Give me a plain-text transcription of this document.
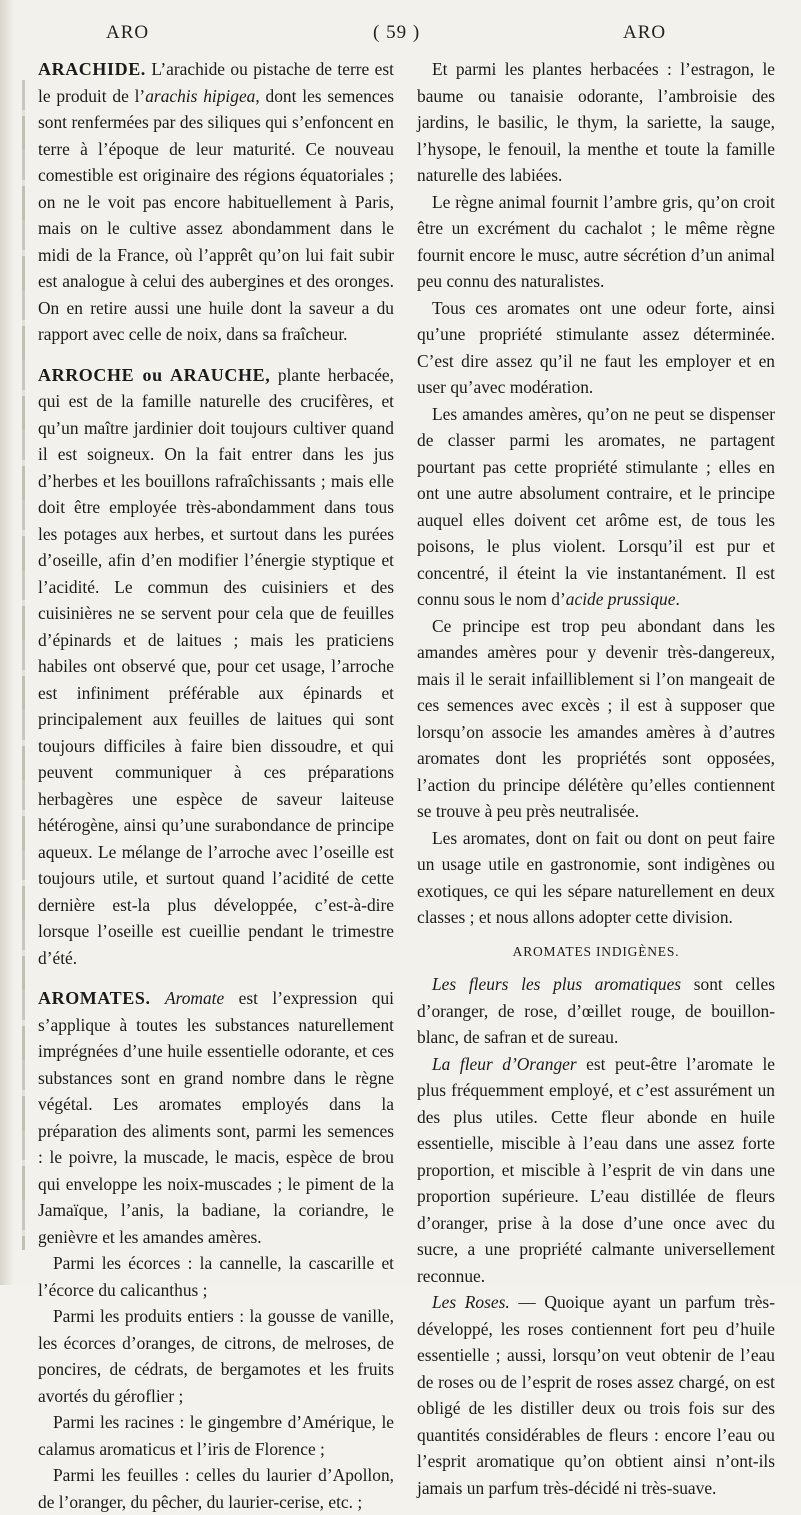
ARO	( 59 )	ARO

ARACHIDE. L’arachide ou pistache de terre est le produit de l’arachis hipigea, dont les semences sont renfermées par des siliques qui s’enfoncent en terre à l’époque de leur maturité. Ce nouveau comestible est originaire des régions équatoriales ; on ne le voit pas encore habituellement à Paris, mais on le cultive assez abondamment dans le midi de la France, où l’apprêt qu’on lui fait subir est analogue à celui des aubergines et des oronges. On en retire aussi une huile dont la saveur a du rapport avec celle de noix, dans sa fraîcheur.

ARROCHE ou ARAUCHE, plante herbacée, qui est de la famille naturelle des crucifères, et qu’un maître jardinier doit toujours cultiver quand il est soigneux. On la fait entrer dans les jus d’herbes et les bouillons rafraîchissants ; mais elle doit être employée très-abondamment dans tous les potages aux herbes, et surtout dans les purées d’oseille, afin d’en modifier l’énergie styptique et l’acidité. Le commun des cuisiniers et des cuisinières ne se servent pour cela que de feuilles d’épinards et de laitues ; mais les praticiens habiles ont observé que, pour cet usage, l’arroche est infiniment préférable aux épinards et principalement aux feuilles de laitues qui sont toujours difficiles à faire bien dissoudre, et qui peuvent communiquer à ces préparations herbagères une espèce de saveur laiteuse hétérogène, ainsi qu’une surabondance de principe aqueux. Le mélange de l’arroche avec l’oseille est toujours utile, et surtout quand l’acidité de cette dernière est-la plus développée, c’est-à-dire lorsque l’oseille est cueillie pendant le trimestre d’été.

AROMATES. Aromate est l’expression qui s’applique à toutes les substances naturellement imprégnées d’une huile essentielle odorante, et ces substances sont en grand nombre dans le règne végétal. Les aromates employés dans la préparation des aliments sont, parmi les semences : le poivre, la muscade, le macis, espèce de brou qui enveloppe les noix-muscades ; le piment de la Jamaïque, l’anis, la badiane, la coriandre, le genièvre et les amandes amères.

Parmi les écorces : la cannelle, la cascarille et l’écorce du calicanthus ;

Parmi les produits entiers : la gousse de vanille, les écorces d’oranges, de citrons, de melroses, de poncires, de cédrats, de bergamotes et les fruits avortés du géroflier ;

Parmi les racines : le gingembre d’Amérique, le calamus aromaticus et l’iris de Florence ;

Parmi les feuilles : celles du laurier d’Apollon, de l’oranger, du pêcher, du laurier-cerise, etc. ;

Et parmi les plantes herbacées : l’estragon, le baume ou tanaisie odorante, l’ambroisie des jardins, le basilic, le thym, la sariette, la sauge, l’hysope, le fenouil, la menthe et toute la famille naturelle des labiées.

Le règne animal fournit l’ambre gris, qu’on croit être un excrément du cachalot ; le même règne fournit encore le musc, autre sécrétion d’un animal peu connu des naturalistes.

Tous ces aromates ont une odeur forte, ainsi qu’une propriété stimulante assez déterminée. C’est dire assez qu’il ne faut les employer et en user qu’avec modération.

Les amandes amères, qu’on ne peut se dispenser de classer parmi les aromates, ne partagent pourtant pas cette propriété stimulante ; elles en ont une autre absolument contraire, et le principe auquel elles doivent cet arôme est, de tous les poisons, le plus violent. Lorsqu’il est pur et concentré, il éteint la vie instantanément. Il est connu sous le nom d’acide prussique.

Ce principe est trop peu abondant dans les amandes amères pour y devenir très-dangereux, mais il le serait infailliblement si l’on mangeait de ces semences avec excès ; il est à supposer que lorsqu’on associe les amandes amères à d’autres aromates dont les propriétés sont opposées, l’action du principe délétère qu’elles contiennent se trouve à peu près neutralisée.

Les aromates, dont on fait ou dont on peut faire un usage utile en gastronomie, sont indigènes ou exotiques, ce qui les sépare naturellement en deux classes ; et nous allons adopter cette division.

AROMATES INDIGÈNES.

Les fleurs les plus aromatiques sont celles d’oranger, de rose, d’œillet rouge, de bouillon-blanc, de safran et de sureau.

La fleur d’Oranger est peut-être l’aromate le plus fréquemment employé, et c’est assurément un des plus utiles. Cette fleur abonde en huile essentielle, miscible à l’eau dans une assez forte proportion, et miscible à l’esprit de vin dans une proportion supérieure. L’eau distillée de fleurs d’oranger, prise à la dose d’une once avec du sucre, a une propriété calmante universellement reconnue.

Les Roses. — Quoique ayant un parfum très-développé, les roses contiennent fort peu d’huile essentielle ; aussi, lorsqu’on veut obtenir de l’eau de roses ou de l’esprit de roses assez chargé, on est obligé de les distiller deux ou trois fois sur des quantités considérables de fleurs : encore l’eau ou l’esprit aromatique qu’on obtient ainsi n’ont-ils jamais un parfum très-décidé ni très-suave.
